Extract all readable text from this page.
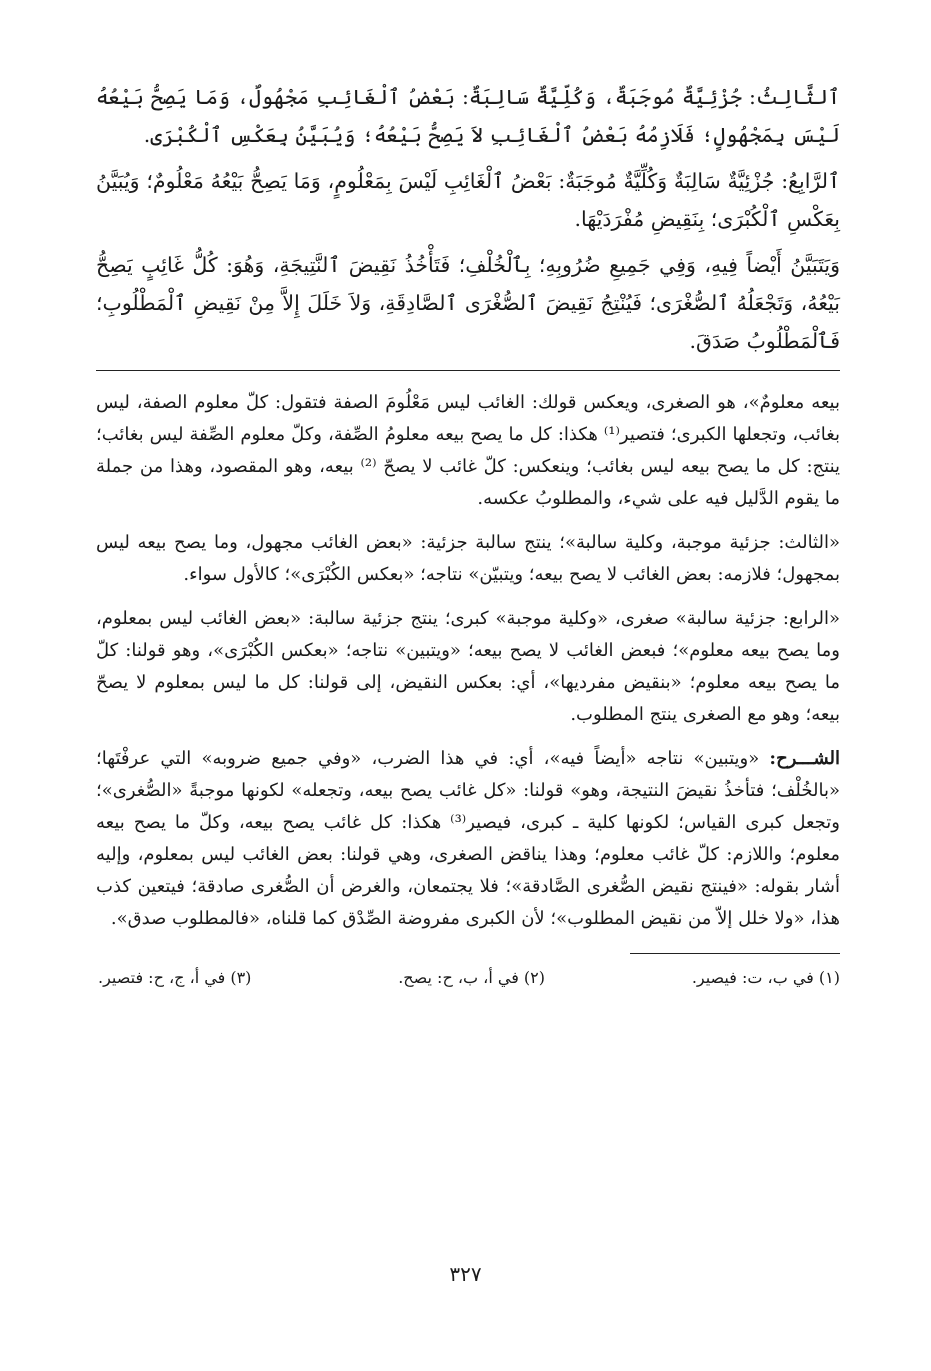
ٱلثَّالِثُ: جُزْئِيَّةٌ مُوجَبَةٌ، وَكُلِّيَّةٌ سَالِبَةٌ: بَعْضُ ٱلْغَائِبِ مَجْهُولٌ، وَمَا يَصِحُّ بَيْعُهُ لَيْسَ بِمَجْهُولٍ؛ فَلَازِمُهُ بَعْضُ ٱلْغَائِبِ لاَ يَصِحُّ بَيْعُهُ؛ وَيُبَيَّنُ بِعَكْسِ ٱلْكُبْرَى.

ٱلرَّابِعُ: جُزْئِيَّةٌ سَالِبَةٌ وَكُلِّيَّةٌ مُوجَبَةٌ: بَعْضُ ٱلْغَائِبِ لَيْسَ بِمَعْلُومٍ، وَمَا يَصِحُّ بَيْعُهُ مَعْلُومٌ؛ وَيُبَيَّنُ بِعَكْسِ ٱلْكُبْرَى؛ بِنَقِيضِ مُفْرَدَيْهَا.

وَيَتَبَيَّنُ أَيْضاً فِيهِ، وَفِي جَمِيعِ ضُرُوبِهِ؛ بِٱلْخُلْفِ؛ فَتَأْخُذُ نَقِيضَ ٱلنَّتِيجَةِ، وَهُوَ: كُلُّ غَائِبٍ يَصِحُّ بَيْعُهُ، وَتَجْعَلُهُ ٱلصُّغْرَى؛ فَيُنْتِجُ نَقِيضَ ٱلصُّغْرَى ٱلصَّادِقَةِ، وَلاَ خَلَلَ إِلاَّ مِنْ نَقِيضِ ٱلْمَطْلُوبِ؛ فَٱلْمَطْلُوبُ صَدَقَ.

بيعه معلومٌ»، هو الصغرى، ويعكس قولك: الغائب ليس مَعْلُومَ الصفة فتقول: كلّ معلوم الصفة، ليس بغائب، وتجعلها الكبرى؛ فتصير⁽¹⁾ هكذا: كل ما يصح بيعه معلومُ الصِّفة، وكلّ معلوم الصِّفة ليس بغائب؛ ينتج: كل ما يصح بيعه ليس بغائب؛ وينعكس: كلّ غائب لا يصحّ ⁽²⁾ بيعه، وهو المقصود، وهذا من جملة ما يقوم الدَّليل فيه على شيء، والمطلوبُ عكسه.

«الثالث: جزئية موجبة، وكلية سالبة»؛ ينتج سالبة جزئية: «بعض الغائب مجهول، وما يصح بيعه ليس بمجهول؛ فلازمه: بعض الغائب لا يصح بيعه؛ ويتبيّن» نتاجه؛ «بعكس الكُبْرَى»؛ كالأول سواء.

«الرابع: جزئية سالبة» صغرى، «وكلية موجبة» كبرى؛ ينتج جزئية سالبة: «بعض الغائب ليس بمعلوم، وما يصح بيعه معلوم»؛ فبعض الغائب لا يصح بيعه؛ «ويتبين» نتاجه؛ «بعكس الكُبْرَى»، وهو قولنا: كلّ ما يصح بيعه معلوم؛ «بنقيض مفرديها»، أي: بعكس النقيض، إلى قولنا: كل ما ليس بمعلوم لا يصحّ بيعه؛ وهو مع الصغرى ينتج المطلوب.

الشـــرح: «ويتبين» نتاجه «أيضاً فيه»، أي: في هذا الضرب، «وفي جميع ضروبه» التي عرفْتَها؛ «بالخُلْف؛ فتأخذُ نقيضَ النتيجة، وهو» قولنا: «كل غائب يصح بيعه، وتجعله» لكونها موجبةً «الصُّغرى»؛ وتجعل كبرى القياس؛ لكونها كلية ـ كبرى، فيصير⁽³⁾ هكذا: كل غائب يصح بيعه، وكلّ ما يصح بيعه معلوم؛ واللازم: كلّ غائب معلوم؛ وهذا يناقض الصغرى، وهي قولنا: بعض الغائب ليس بمعلوم، وإليه أشار بقوله: «فينتج نقيض الصُّغرى الصَّادقة»؛ فلا يجتمعان، والغرض أن الصُّغرى صادقة؛ فيتعين كذب هذا، «ولا خلل إلاّ من نقيض المطلوب»؛ لأن الكبرى مفروضة الصِّدْق كما قلناه، «فالمطلوب صدق».

(١) في ب، ت: فيصير.
(٢) في أ، ب، ح: يصح.
(٣) في أ، ج، ح: فتصير.
٣٢٧
